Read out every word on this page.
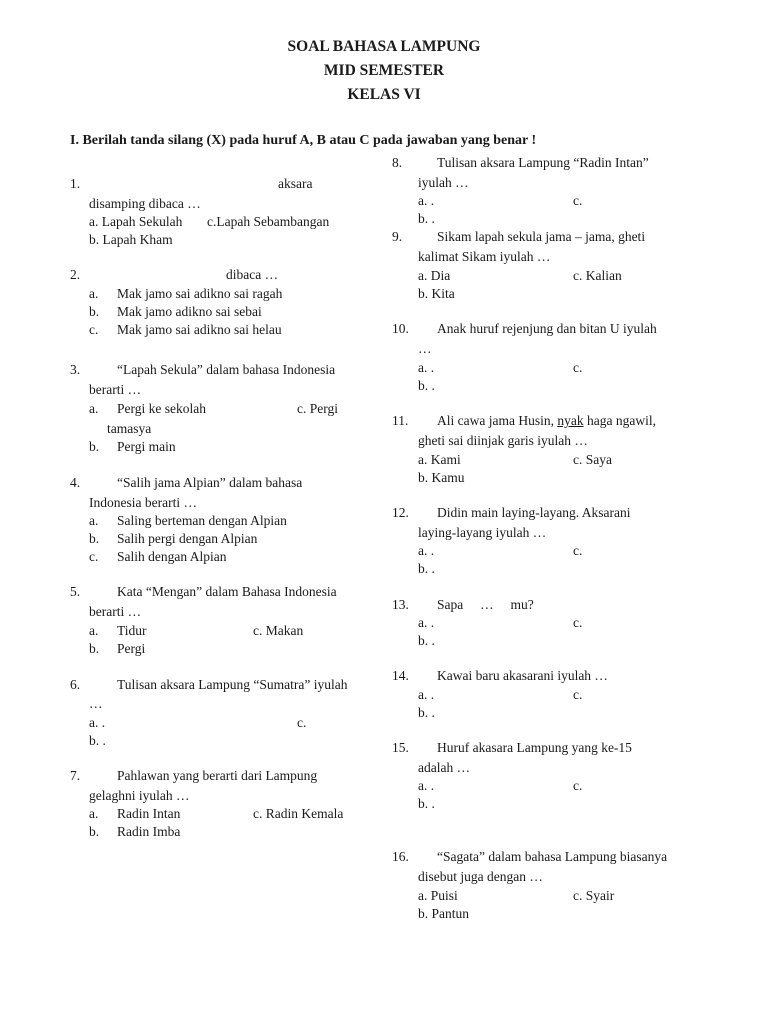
SOAL BAHASA LAMPUNG
MID SEMESTER
KELAS VI
I. Berilah tanda silang (X) pada huruf A, B atau C pada jawaban yang benar !
1.	aksara
disamping dibaca …
a. Lapah Sekulah c.Lapah Sebambangan
b. Lapah Kham
2.	dibaca …
a. Mak jamo sai adikno sai ragah
b. Mak jamo adikno sai sebai
c. Mak jamo sai adikno sai helau
3.	“Lapah Sekula” dalam bahasa Indonesia
berarti …
a. Pergi ke sekolah	c. Pergi
tamasya
b. Pergi main
4.	“Salih jama Alpian” dalam bahasa
Indonesia berarti …
a. Saling berteman dengan Alpian
b. Salih pergi dengan Alpian
c. Salih dengan Alpian
5.	Kata “Mengan” dalam Bahasa Indonesia
berarti …
a. Tidur	c. Makan
b. Pergi
6.	Tulisan aksara Lampung “Sumatra” iyulah
…
a. .	c.
b. .
7.	Pahlawan yang berarti dari Lampung
gelaghni iyulah …
a. Radin Intan	c. Radin Kemala
b. Radin Imba
8.	Tulisan aksara Lampung “Radin Intan”
iyulah …
a. .	c.
b. .
9.	Sikam lapah sekula jama – jama, gheti
kalimat Sikam iyulah …
a. Dia	c. Kalian
b. Kita
10. Anak huruf rejenjung dan bitan U iyulah
…
a. .	c.
b. .
11. Ali cawa jama Husin, nyak haga ngawil,
gheti sai diinjak garis iyulah …
a. Kami	c. Saya
b. Kamu
12. Didin main laying-layang. Aksarani
laying-layang iyulah …
a. .	c.
b. .
13. Sapa     …     mu?
a. .	c.
b. .
14. Kawai baru akasarani iyulah …
a. .	c.
b. .
15. Huruf akasara Lampung yang ke-15
adalah …
a. .	c.
b. .
16. “Sagata” dalam bahasa Lampung biasanya
disebut juga dengan …
a. Puisi	c. Syair
b. Pantun
